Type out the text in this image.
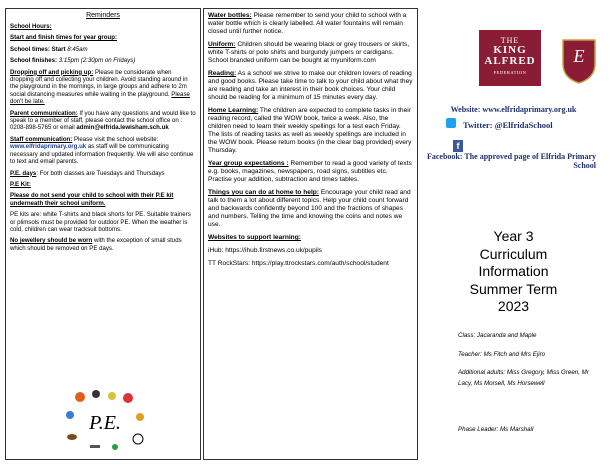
Reminders

School Hours:

Start and finish times for year group:

School times: Start 8:45am

School finishes: 3:15pm (2:30pm on Fridays)

Dropping off and picking up: Please be considerate when dropping off and collecting your children. Avoid standing around in the playground in the mornings, in large groups and adhere to 2m social distancing measures while waiting in the playground. Please don't be late.

Parent communication: If you have any questions and would like to speak to a member of staff, please contact the school office on : 0208-898-5765 or email admin@elfrida.lewisham.sch.uk

Staff communication: Please visit the school website: www.elfridaprimary.org.uk as staff will be communicating necessary and updated information frequently. We will also continue to text and email parents.

P.E. days: For both classes are Tuesdays and Thursdays

P.E Kit:

Please do not send your child to school with their P.E kit underneath their school uniform.

PE kits are: white T-shirts and black shorts for PE. Suitable trainers or plimsols must be provided for outdoor PE. When the weather is cold, children can wear tracksuit bottoms.

No jewellery should be worn with the exception of small studs which should be removed on PE days.

P.E.

Water bottles: Please remember to send your child to school with a water bottle which is clearly labelled. All water fountains will remain closed until further notice.

Uniform: Children should be wearing black or grey trousers or skirts, white T-shirts or polo shirts and burgundy jumpers or cardigans. School branded uniform can be bought at myuniform.com

Reading: As a school we strive to make our children lovers of reading and good books. Please take time to talk to your child about what they are reading and take an interest in their book choices. Your child should be reading for a minimum of 15 minutes every day.

Home Learning: The children are expected to complete tasks in their reading record, called the WOW book, twice a week. Also, the children need to learn their weekly spellings for a test each Friday. The lists of reading tasks as well as weekly spellings are included in the WOW book. Please return books (in the clear bag provided) every Thursday.

Year group expectations : Remember to read a good variety of texts e.g. books, magazines, newspapers, road signs, subtitles etc. Practise your addition, subtraction and times tables.

Things you can do at home to help: Encourage your child read and talk to them a lot about different topics. Help your child count forward and backwards confidently beyond 100 and the fractions of shapes and numbers. Telling the time and knowing the coins and notes we use.

Websites to support learning:

iHub: https://ihub.firstnews.co.uk/pupils

TT RockStars: https://play.ttrockstars.com/auth/school/student

THE
KING
ALFRED
FEDERATION
E
Website: www.elfridaprimary.org.uk
Twitter: @ElfridaSchool
f
Facebook: The approved page of Elfrida Primary School
Year 3
Curriculum
Information
Summer Term
2023
Class: Jacaranda and Maple
Teacher: Ms Fitch and Mrs Ejiro
Additional adults: Miss Gregory, Miss Green, Mr Lacy, Ms Morsell, Ms Horsewell
Phase Leader: Ms Marshall
